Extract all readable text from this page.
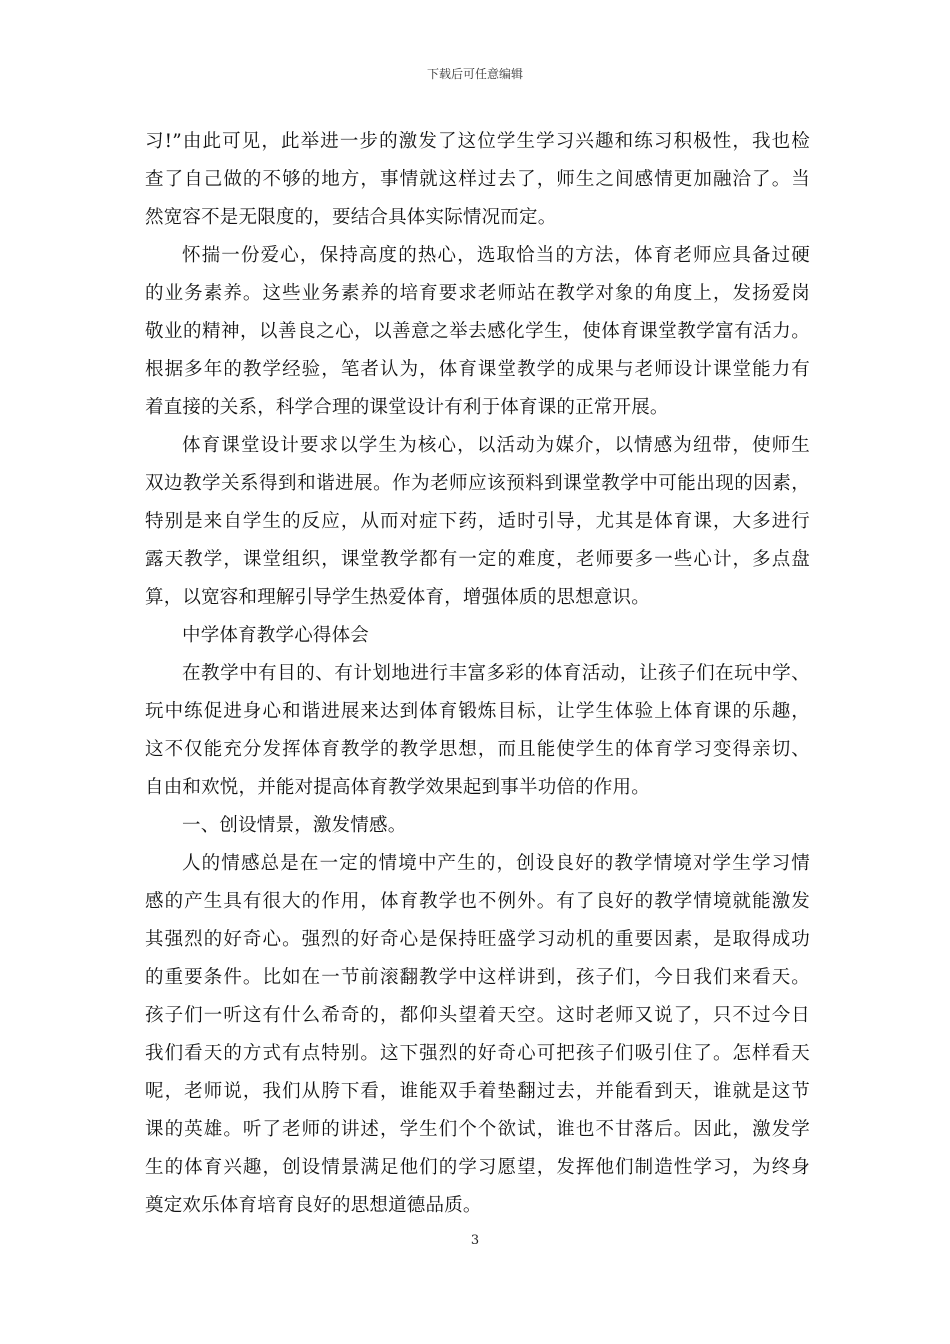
下载后可任意编辑
习!”由此可见，此举进一步的激发了这位学生学习兴趣和练习积极性，我也检
查了自己做的不够的地方，事情就这样过去了，师生之间感情更加融洽了。当
然宽容不是无限度的，要结合具体实际情况而定。
怀揣一份爱心，保持高度的热心，选取恰当的方法，体育老师应具备过硬
的业务素养。这些业务素养的培育要求老师站在教学对象的角度上，发扬爱岗
敬业的精神，以善良之心，以善意之举去感化学生，使体育课堂教学富有活力。
根据多年的教学经验，笔者认为，体育课堂教学的成果与老师设计课堂能力有
着直接的关系，科学合理的课堂设计有利于体育课的正常开展。
体育课堂设计要求以学生为核心，以活动为媒介，以情感为纽带，使师生
双边教学关系得到和谐进展。作为老师应该预料到课堂教学中可能出现的因素，
特别是来自学生的反应，从而对症下药，适时引导，尤其是体育课，大多进行
露天教学，课堂组织，课堂教学都有一定的难度，老师要多一些心计，多点盘
算，以宽容和理解引导学生热爱体育，增强体质的思想意识。
中学体育教学心得体会
在教学中有目的、有计划地进行丰富多彩的体育活动，让孩子们在玩中学、
玩中练促进身心和谐进展来达到体育锻炼目标，让学生体验上体育课的乐趣，
这不仅能充分发挥体育教学的教学思想，而且能使学生的体育学习变得亲切、
自由和欢悦，并能对提高体育教学效果起到事半功倍的作用。
一、创设情景，激发情感。
人的情感总是在一定的情境中产生的，创设良好的教学情境对学生学习情
感的产生具有很大的作用，体育教学也不例外。有了良好的教学情境就能激发
其强烈的好奇心。强烈的好奇心是保持旺盛学习动机的重要因素，是取得成功
的重要条件。比如在一节前滚翻教学中这样讲到，孩子们，今日我们来看天。
孩子们一听这有什么希奇的，都仰头望着天空。这时老师又说了，只不过今日
我们看天的方式有点特别。这下强烈的好奇心可把孩子们吸引住了。怎样看天
呢，老师说，我们从胯下看，谁能双手着垫翻过去，并能看到天，谁就是这节
课的英雄。听了老师的讲述，学生们个个欲试，谁也不甘落后。因此，激发学
生的体育兴趣，创设情景满足他们的学习愿望，发挥他们制造性学习，为终身
奠定欢乐体育培育良好的思想道德品质。
3
